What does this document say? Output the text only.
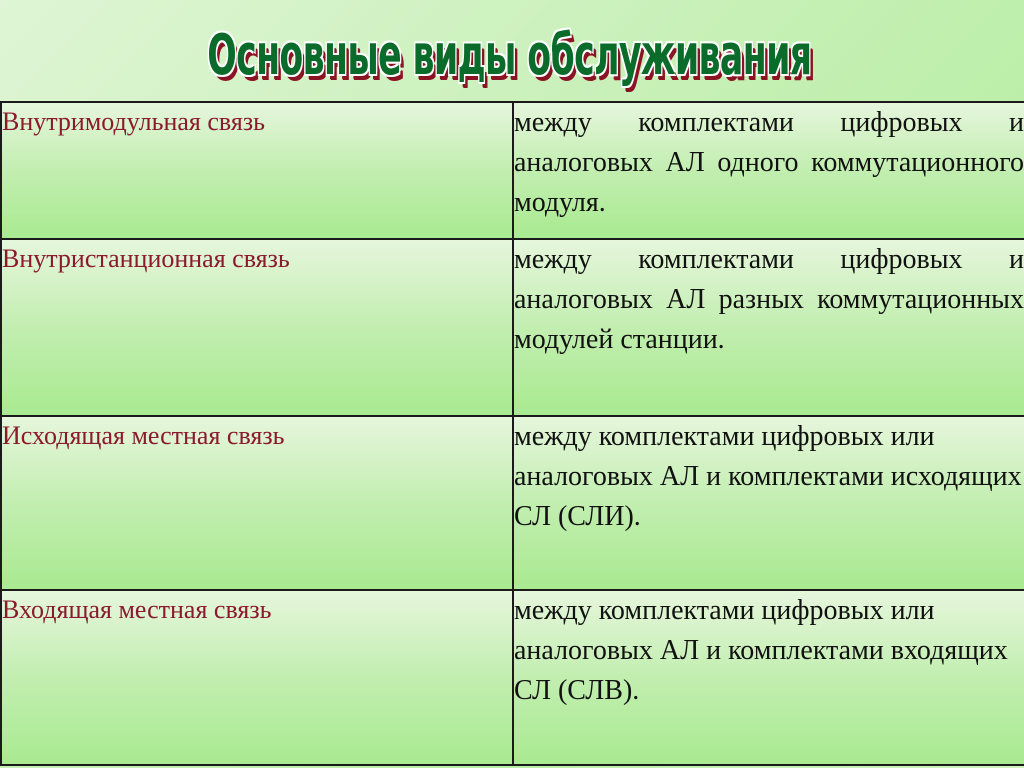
Основные виды обслуживания
Внутримодульная связь	между комплектами цифровых и аналоговых АЛ одного коммутационного модуля.
Внутристанционная связь	между комплектами цифровых и аналоговых АЛ разных коммутационных модулей станции.
Исходящая местная связь	между комплектами цифровых или аналоговых АЛ и комплектами исходящих СЛ (СЛИ).
Входящая местная связь	между комплектами цифровых или аналоговых АЛ и комплектами входящих СЛ (СЛВ).
